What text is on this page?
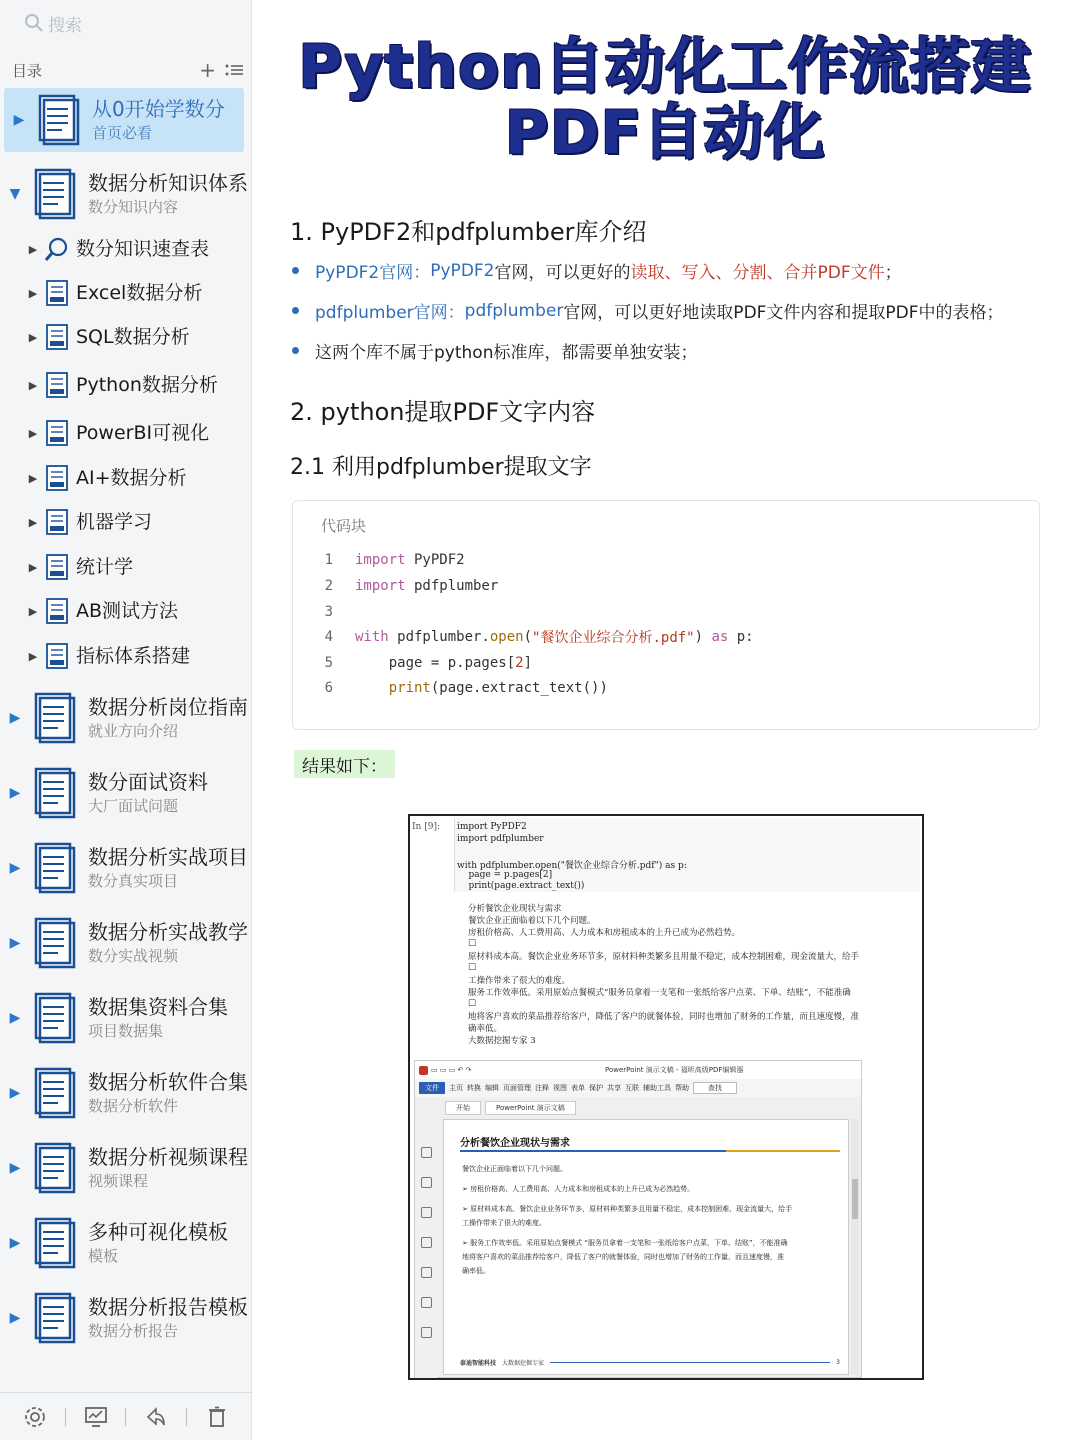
搜索
目录	+
▶	从0开始学数分
首页必看
▼	数据分析知识体系
数分知识内容
▶ 数分知识速查表
▶ Excel数据分析
▶ SQL数据分析
▶ Python数据分析
▶ PowerBI可视化
▶ AI+数据分析
▶ 机器学习
▶ 统计学
▶ AB测试方法
▶ 指标体系搭建
▶	数据分析岗位指南
就业方向介绍
▶	数分面试资料
大厂面试问题
▶	数据分析实战项目
数分真实项目
▶	数据分析实战教学
数分实战视频
▶	数据集资料合集
项目数据集
▶	数据分析软件合集
数据分析软件
▶	数据分析视频课程
视频课程
▶	多种可视化模板
模板
▶	数据分析报告模板
数据分析报告
Python自动化工作流搭建
PDF自动化
1. PyPDF2和pdfplumber库介绍
PyPDF2官网： PyPDF2 官网，可以更好的 读取、写入、分割、合并PDF文件 ；
pdfplumber官网： pdfplumber 官网，可以更好地读取PDF文件内容和提取PDF中的表格；
这两个库不属于python标准库，都需要单独安装；
2. python提取PDF文字内容
2.1 利用pdfplumber提取文字
代码块
1 import PyPDF2
2 import pdfplumber
3
4 with pdfplumber. open ( "餐饮企业综合分析.pdf" ) as p:
5 page = p.pages[ 2 ]
6
	print (page.extract_text())
结果如下：
In [9]: import PyPDF2
import pdfplumber
with pdfplumber.open("餐饮企业综合分析.pdf") as p:
page = p.pages[2]
print(page.extract_text())
分析餐饮企业现状与需求
餐饮企业正面临着以下几个问题。
房租价格高、人工费用高、人力成本和房租成本的上升已成为必然趋势。
□
原材料成本高。餐饮企业业务环节多，原材料种类繁多且用量不稳定，成本控制困难，现金流量大，给手
□
工操作带来了很大的难度。
服务工作效率低。采用原始点餐模式“服务员拿着一支笔和一张纸给客户点菜、下单、结账”，不能准确
□
地将客户喜欢的菜品推荐给客户，降低了客户的就餐体验，同时也增加了财务的工作量，而且速度慢，准
确率低。
大数据挖掘专家 3
▭ ▭ ▭ ↶ ↷	PowerPoint 演示文稿 - 福昕高级PDF编辑器
文件	主页 转换 编辑 页面管理 注释 视图 表单 保护 共享 互联 辅助工具 帮助	查找
开始	PowerPoint 演示文稿
分析餐饮企业现状与需求
餐饮企业正面临着以下几个问题。
➢ 房租价格高、人工费用高、人力成本和房租成本的上升已成为必然趋势。
➢ 原材料成本高。餐饮企业业务环节多，原材料种类繁多且用量不稳定，成本控制困难，现金流量大，给手
工操作带来了很大的难度。
➢ 服务工作效率低。采用原始点餐模式 “服务员拿着一支笔和一张纸给客户点菜、下单、结账”，不能准确
地将客户喜欢的菜品推荐给客户，降低了客户的就餐体验，同时也增加了财务的工作量，而且速度慢，准
确率低。
泰迪智能科技 大数据挖掘专家	3
